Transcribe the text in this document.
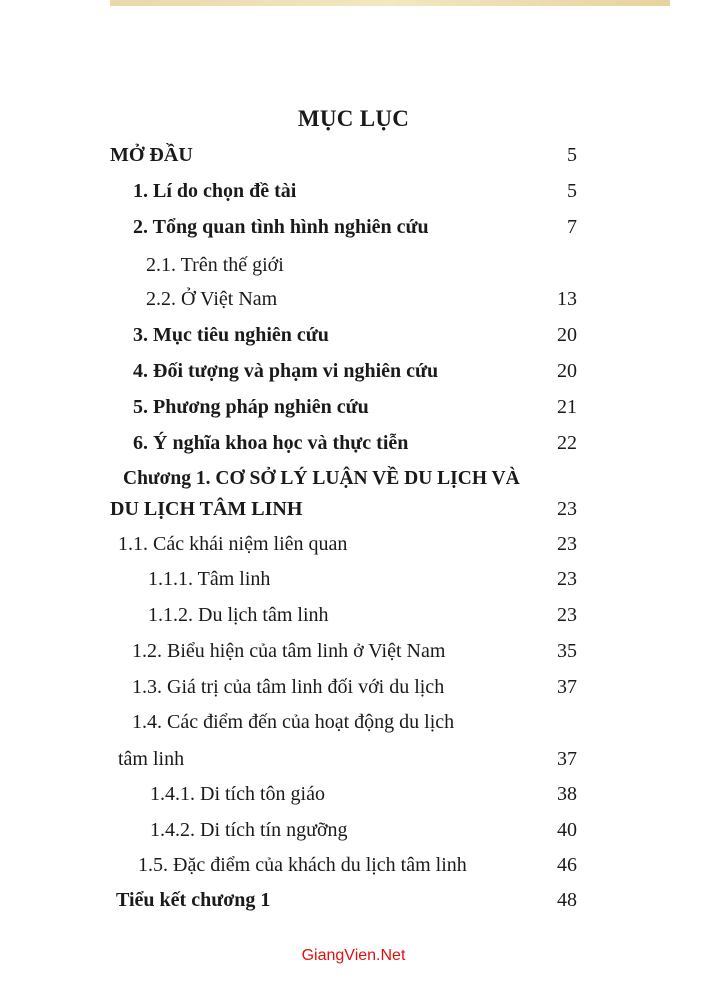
MỤC LỤC
MỞ ĐẦU	5
1. Lí do chọn đề tài	5
2. Tổng quan tình hình nghiên cứu	7
2.1. Trên thế giới
2.2. Ở Việt Nam	13
3. Mục tiêu nghiên cứu	20
4. Đối tượng và phạm vi nghiên cứu	20
5. Phương pháp nghiên cứu	21
6. Ý nghĩa khoa học và thực tiễn	22
Chương 1. CƠ SỞ LÝ LUẬN VỀ DU LỊCH VÀ
DU LỊCH TÂM LINH	23
1.1. Các khái niệm liên quan	23
1.1.1. Tâm linh	23
1.1.2. Du lịch tâm linh	23
1.2. Biểu hiện của tâm linh ở Việt Nam	35
1.3. Giá trị của tâm linh đối với du lịch	37
1.4. Các điểm đến của hoạt động du lịch
tâm linh	37
1.4.1. Di tích tôn giáo	38
1.4.2. Di tích tín ngưỡng	40
1.5. Đặc điểm của khách du lịch tâm linh	46
Tiểu kết chương 1	48
GiangVien.Net
